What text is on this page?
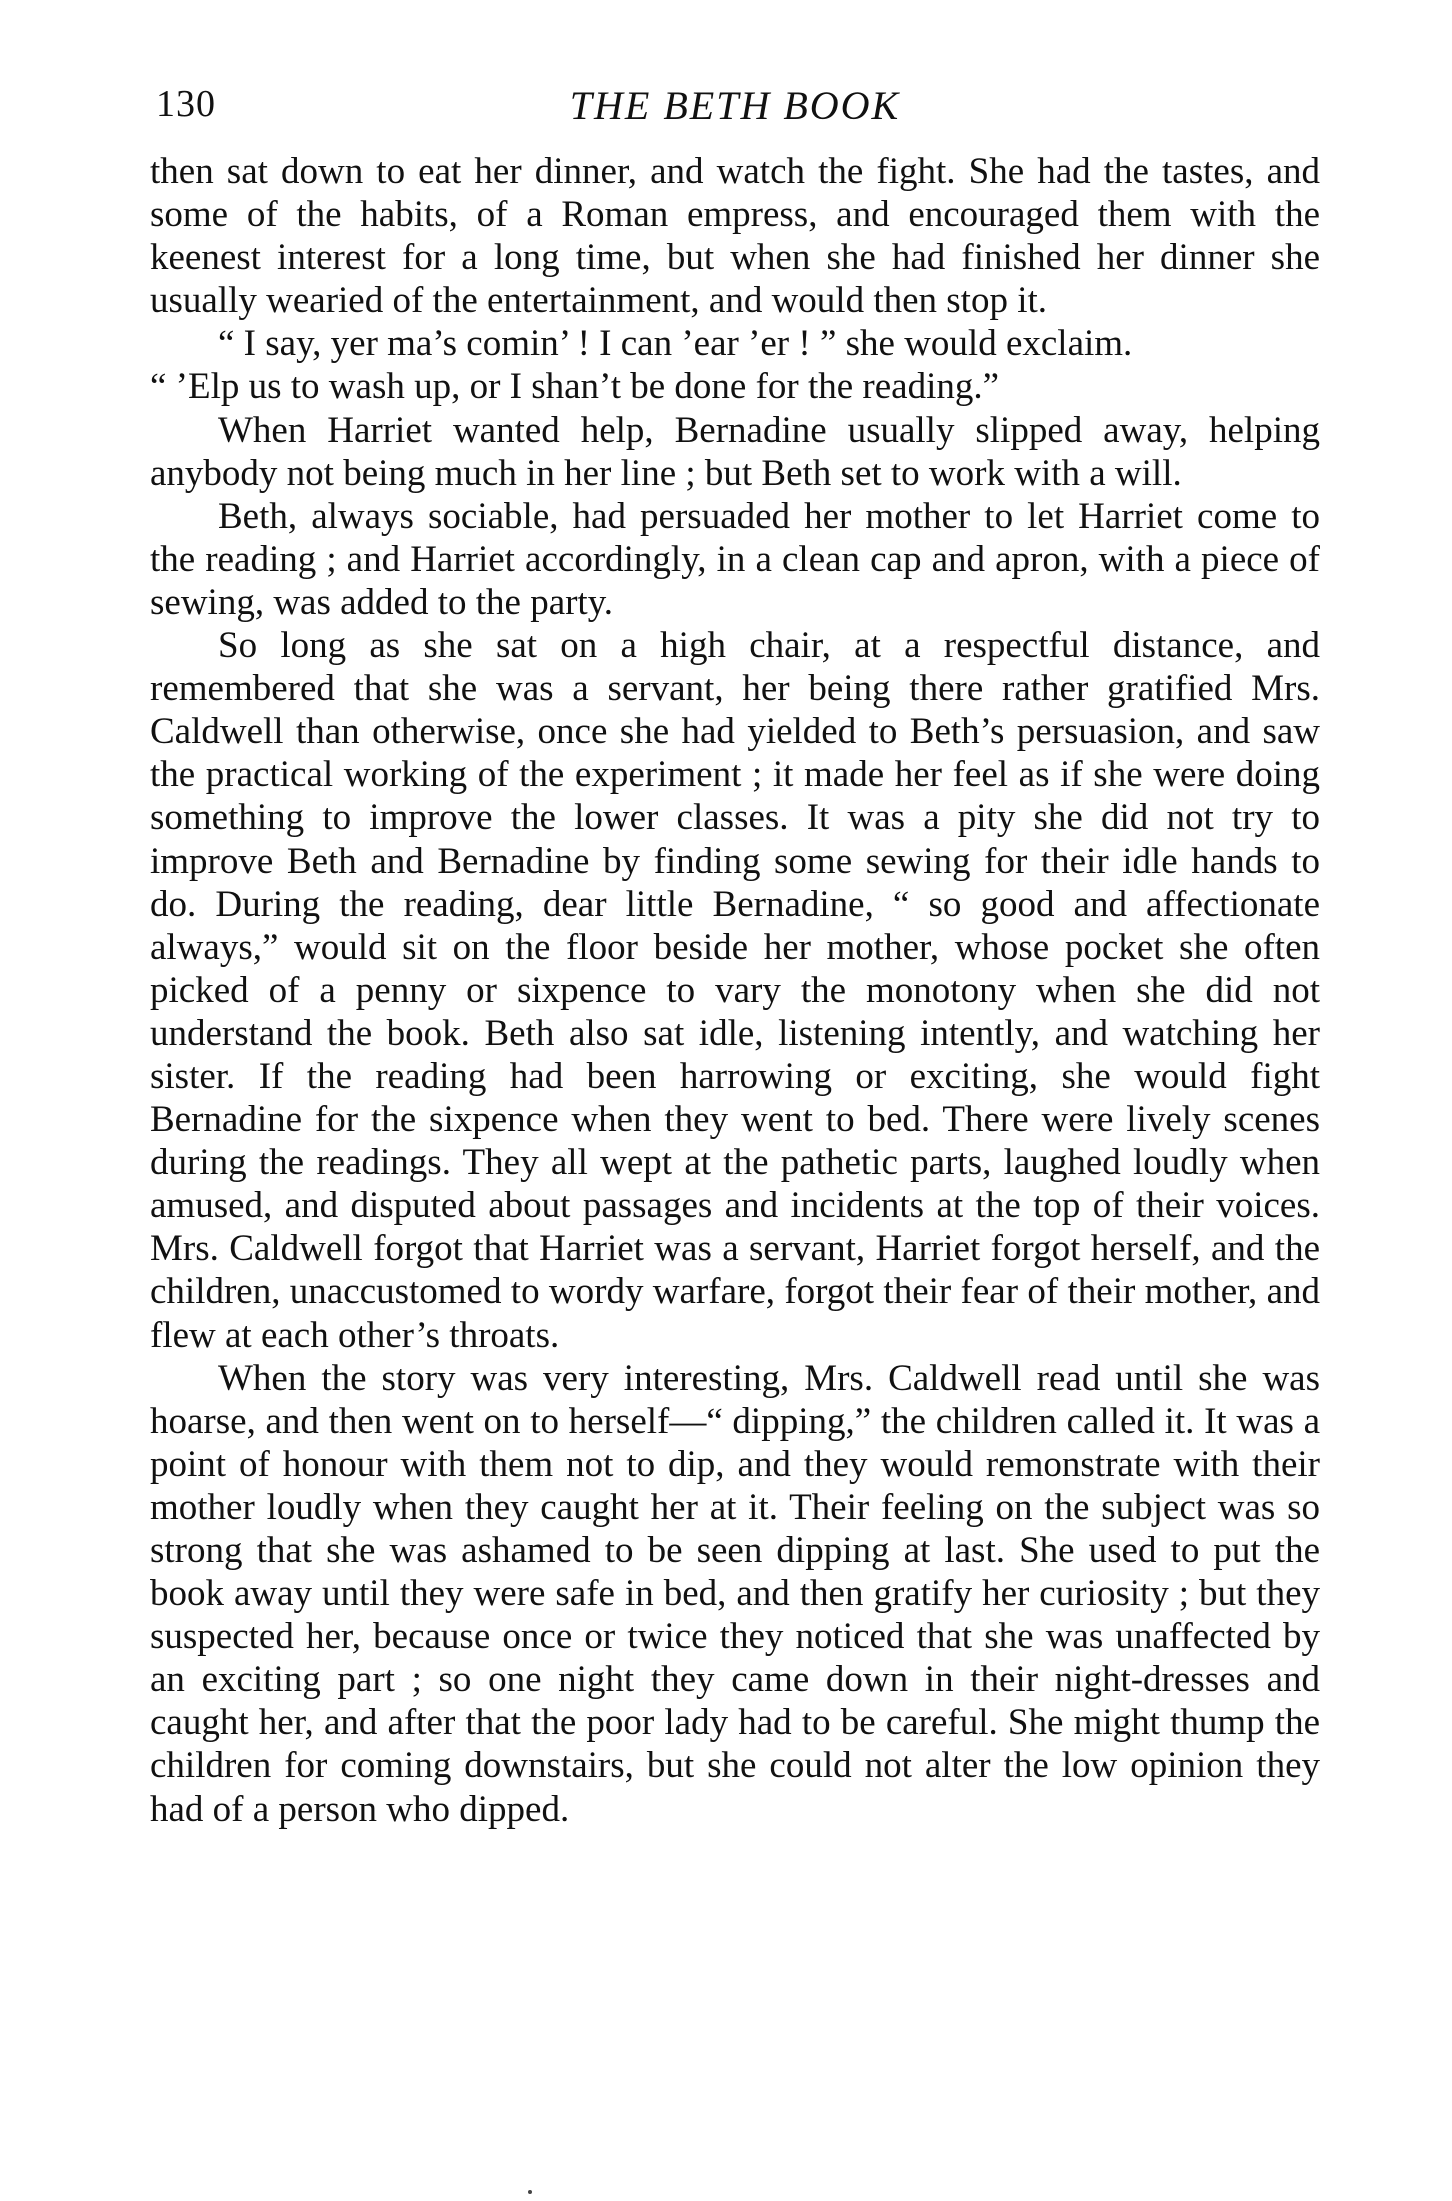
130	THE BETH BOOK

then sat down to eat her dinner, and watch the fight. She had the tastes, and some of the habits, of a Roman empress, and encouraged them with the keenest interest for a long time, but when she had finished her dinner she usually wearied of the entertainment, and would then stop it.

“ I say, yer ma’s comin’ ! I can ’ear ’er ! ” she would exclaim.

“ ’Elp us to wash up, or I shan’t be done for the reading.”

When Harriet wanted help, Bernadine usually slipped away, helping anybody not being much in her line ; but Beth set to work with a will.

Beth, always sociable, had persuaded her mother to let Harriet come to the reading ; and Harriet accordingly, in a clean cap and apron, with a piece of sewing, was added to the party.

So long as she sat on a high chair, at a respectful distance, and remembered that she was a servant, her being there rather gratified Mrs. Caldwell than otherwise, once she had yielded to Beth’s persuasion, and saw the practical working of the experiment ; it made her feel as if she were doing something to improve the lower classes. It was a pity she did not try to improve Beth and Bernadine by finding some sewing for their idle hands to do. During the reading, dear little Bernadine, “ so good and affectionate always,” would sit on the floor beside her mother, whose pocket she often picked of a penny or sixpence to vary the monotony when she did not understand the book. Beth also sat idle, listening intently, and watching her sister. If the reading had been harrowing or exciting, she would fight Bernadine for the sixpence when they went to bed. There were lively scenes during the readings. They all wept at the pathetic parts, laughed loudly when amused, and disputed about passages and incidents at the top of their voices. Mrs. Caldwell forgot that Harriet was a servant, Harriet forgot herself, and the children, unaccustomed to wordy warfare, forgot their fear of their mother, and flew at each other’s throats.

When the story was very interesting, Mrs. Caldwell read until she was hoarse, and then went on to herself—“ dipping,” the children called it. It was a point of honour with them not to dip, and they would remonstrate with their mother loudly when they caught her at it. Their feeling on the subject was so strong that she was ashamed to be seen dipping at last. She used to put the book away until they were safe in bed, and then gratify her curiosity ; but they suspected her, because once or twice they noticed that she was unaffected by an exciting part ; so one night they came down in their night-dresses and caught her, and after that the poor lady had to be careful. She might thump the children for coming downstairs, but she could not alter the low opinion they had of a person who dipped.
